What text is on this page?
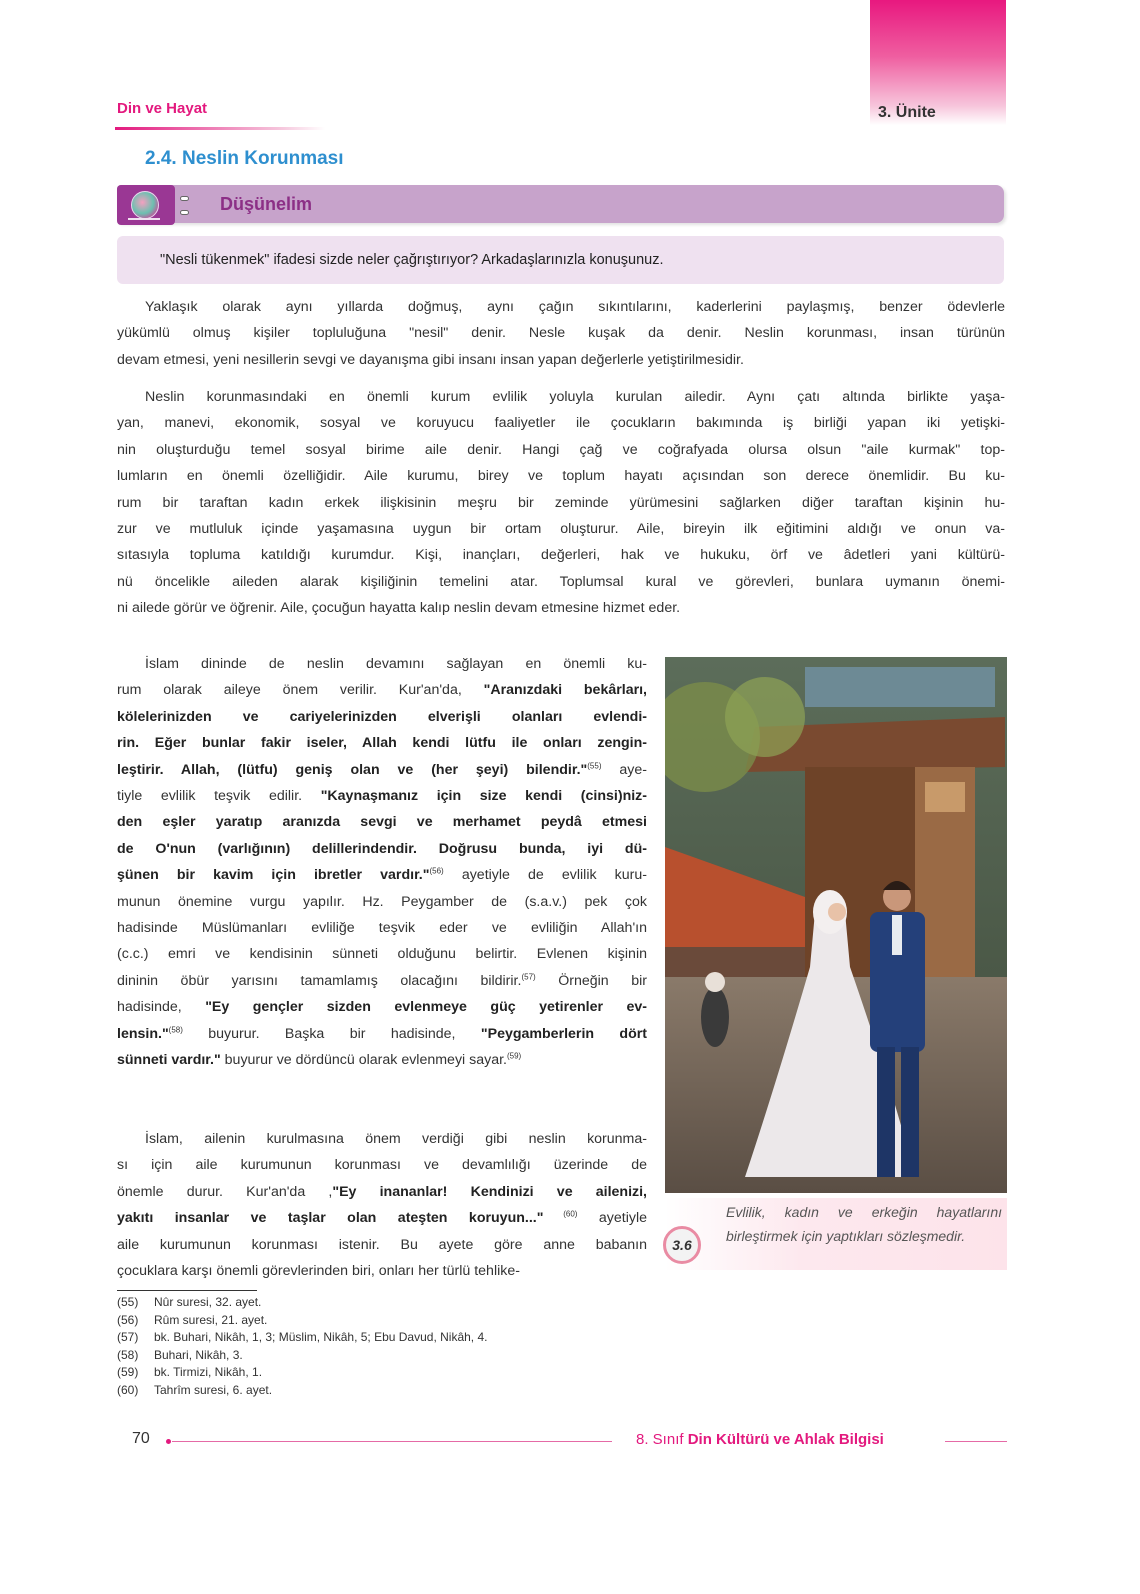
3. Ünite
Din ve Hayat
2.4. Neslin Korunması
Düşünelim
"Nesli tükenmek" ifadesi sizde neler çağrıştırıyor? Arkadaşlarınızla konuşunuz.
Yaklaşık olarak aynı yıllarda doğmuş, aynı çağın sıkıntılarını, kaderlerini paylaşmış, benzer ödevlerle
yükümlü olmuş kişiler topluluğuna "nesil" denir. Nesle kuşak da denir. Neslin korunması, insan türünün
devam etmesi, yeni nesillerin sevgi ve dayanışma gibi insanı insan yapan değerlerle yetiştirilmesidir.
Neslin korunmasındaki en önemli kurum evlilik yoluyla kurulan ailedir. Aynı çatı altında birlikte yaşa-
yan, manevi, ekonomik, sosyal ve koruyucu faaliyetler ile çocukların bakımında iş birliği yapan iki yetişki-
nin oluşturduğu temel sosyal birime aile denir. Hangi çağ ve coğrafyada olursa olsun "aile kurmak" top-
lumların en önemli özelliğidir. Aile kurumu, birey ve toplum hayatı açısından son derece önemlidir. Bu ku-
rum bir taraftan kadın erkek ilişkisinin meşru bir zeminde yürümesini sağlarken diğer taraftan kişinin hu-
zur ve mutluluk içinde yaşamasına uygun bir ortam oluşturur. Aile, bireyin ilk eğitimini aldığı ve onun va-
sıtasıyla topluma katıldığı kurumdur. Kişi, inançları, değerleri, hak ve hukuku, örf ve âdetleri yani kültürü-
nü öncelikle aileden alarak kişiliğinin temelini atar. Toplumsal kural ve görevleri, bunlara uymanın önemi-
ni ailede görür ve öğrenir. Aile, çocuğun hayatta kalıp neslin devam etmesine hizmet eder.
İslam dininde de neslin devamını sağlayan en önemli ku-
rum olarak aileye önem verilir. Kur'an'da, "Aranızdaki bekârları,
kölelerinizden ve cariyelerinizden elverişli olanları evlendi-
rin. Eğer bunlar fakir iseler, Allah kendi lütfu ile onları zengin-
leştirir. Allah, (lütfu) geniş olan ve (her şeyi) bilendir."$^{(55)}$ aye-
tiyle evlilik teşvik edilir. "Kaynaşmanız için size kendi (cinsi)niz-
den eşler yaratıp aranızda sevgi ve merhamet peydâ etmesi
de O'nun (varlığının) delillerindendir. Doğrusu bunda, iyi dü-
şünen bir kavim için ibretler vardır."$^{(56)}$ ayetiyle de evlilik kuru-
munun önemine vurgu yapılır. Hz. Peygamber de (s.a.v.) pek çok
hadisinde Müslümanları evliliğe teşvik eder ve evliliğin Allah'ın
(c.c.) emri ve kendisinin sünneti olduğunu belirtir. Evlenen kişinin
dininin öbür yarısını tamamlamış olacağını bildirir.$^{(57)}$ Örneğin bir
hadisinde, "Ey gençler sizden evlenmeye güç yetirenler ev-
lensin."$^{(58)}$ buyurur. Başka bir hadisinde, "Peygamberlerin dört
sünneti vardır." buyurur ve dördüncü olarak evlenmeyi sayar.$^{(59)}$
İslam, ailenin kurulmasına önem verdiği gibi neslin korunma-
sı için aile kurumunun korunması ve devamlılığı üzerinde de
önemle durur. Kur'an'da ,"Ey inananlar! Kendinizi ve ailenizi,
yakıtı insanlar ve taşlar olan ateşten koruyun..." $^{(60)}$ ayetiyle
aile kurumunun korunması istenir. Bu ayete göre anne babanın
çocuklara karşı önemli görevlerinden biri, onları her türlü tehlike-
3.6
Evlilik, kadın ve erkeğin hayatlarını birleştirmek için yaptıkları sözleşmedir.
(55)	Nûr suresi, 32. ayet.
(56)	Rûm suresi, 21. ayet.
(57)	bk. Buhari, Nikâh, 1, 3; Müslim, Nikâh, 5; Ebu Davud, Nikâh, 4.
(58)	Buhari, Nikâh, 3.
(59)	bk. Tirmizi, Nikâh, 1.
(60)	Tahrîm suresi, 6. ayet.
70	8. Sınıf Din Kültürü ve Ahlak Bilgisi
